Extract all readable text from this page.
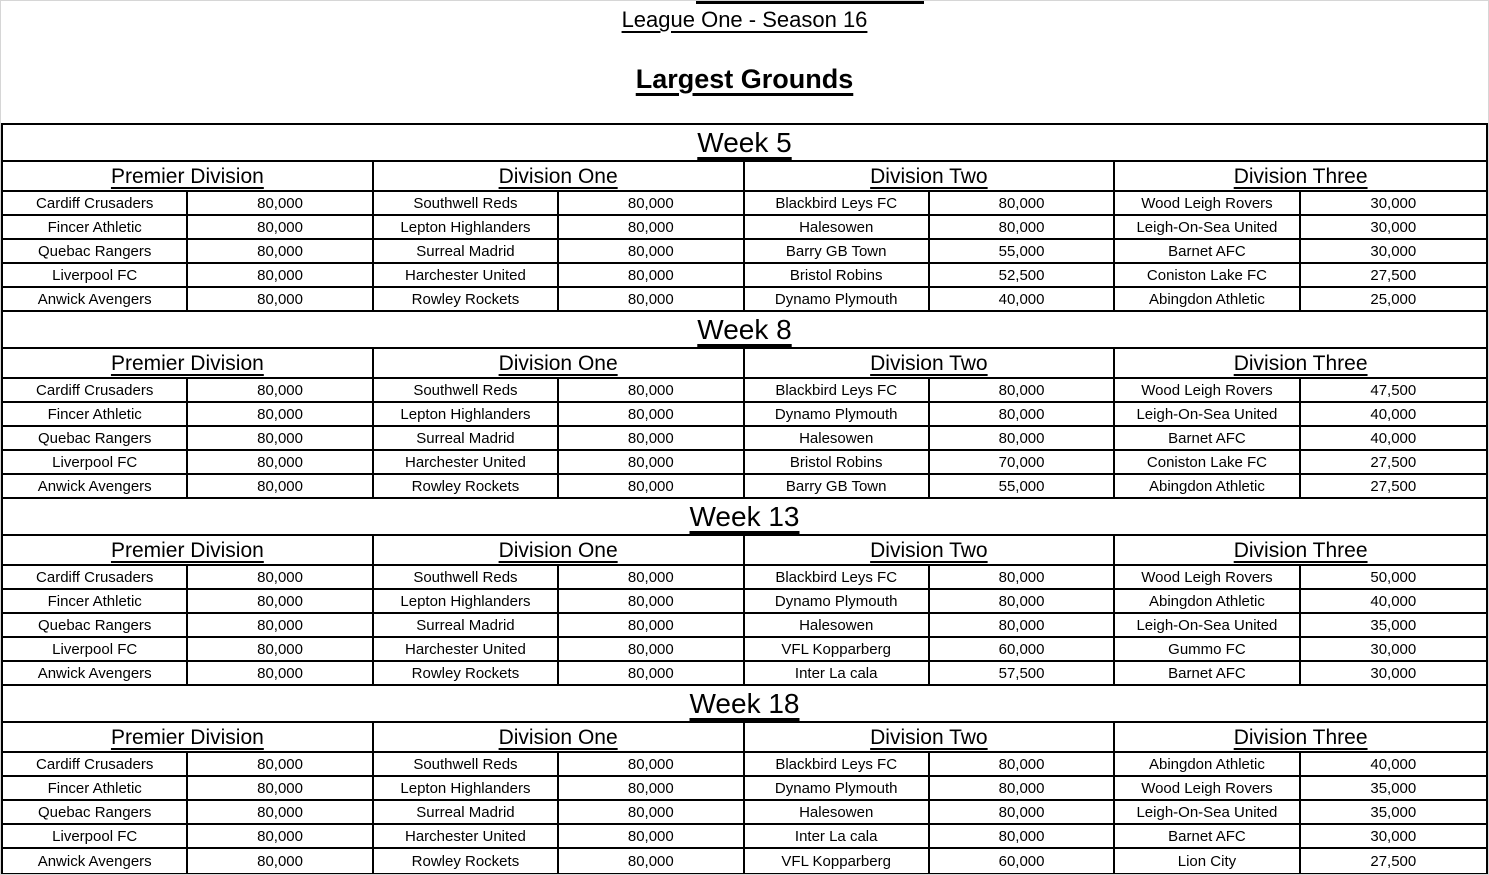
League One - Season 16
Largest Grounds
Week 5
Premier Division	Division One	Division Two	Division Three
Cardiff Crusaders	80,000	Southwell Reds	80,000	Blackbird Leys FC	80,000	Wood Leigh Rovers	30,000
Fincer Athletic	80,000	Lepton Highlanders	80,000	Halesowen	80,000	Leigh-On-Sea United	30,000
Quebac Rangers	80,000	Surreal Madrid	80,000	Barry GB Town	55,000	Barnet AFC	30,000
Liverpool FC	80,000	Harchester United	80,000	Bristol Robins	52,500	Coniston Lake FC	27,500
Anwick Avengers	80,000	Rowley Rockets	80,000	Dynamo Plymouth	40,000	Abingdon Athletic	25,000
Week 8
Premier Division	Division One	Division Two	Division Three
Cardiff Crusaders	80,000	Southwell Reds	80,000	Blackbird Leys FC	80,000	Wood Leigh Rovers	47,500
Fincer Athletic	80,000	Lepton Highlanders	80,000	Dynamo Plymouth	80,000	Leigh-On-Sea United	40,000
Quebac Rangers	80,000	Surreal Madrid	80,000	Halesowen	80,000	Barnet AFC	40,000
Liverpool FC	80,000	Harchester United	80,000	Bristol Robins	70,000	Coniston Lake FC	27,500
Anwick Avengers	80,000	Rowley Rockets	80,000	Barry GB Town	55,000	Abingdon Athletic	27,500
Week 13
Premier Division	Division One	Division Two	Division Three
Cardiff Crusaders	80,000	Southwell Reds	80,000	Blackbird Leys FC	80,000	Wood Leigh Rovers	50,000
Fincer Athletic	80,000	Lepton Highlanders	80,000	Dynamo Plymouth	80,000	Abingdon Athletic	40,000
Quebac Rangers	80,000	Surreal Madrid	80,000	Halesowen	80,000	Leigh-On-Sea United	35,000
Liverpool FC	80,000	Harchester United	80,000	VFL Kopparberg	60,000	Gummo FC	30,000
Anwick Avengers	80,000	Rowley Rockets	80,000	Inter La cala	57,500	Barnet AFC	30,000
Week 18
Premier Division	Division One	Division Two	Division Three
Cardiff Crusaders	80,000	Southwell Reds	80,000	Blackbird Leys FC	80,000	Abingdon Athletic	40,000
Fincer Athletic	80,000	Lepton Highlanders	80,000	Dynamo Plymouth	80,000	Wood Leigh Rovers	35,000
Quebac Rangers	80,000	Surreal Madrid	80,000	Halesowen	80,000	Leigh-On-Sea United	35,000
Liverpool FC	80,000	Harchester United	80,000	Inter La cala	80,000	Barnet AFC	30,000
Anwick Avengers	80,000	Rowley Rockets	80,000	VFL Kopparberg	60,000	Lion City	27,500
